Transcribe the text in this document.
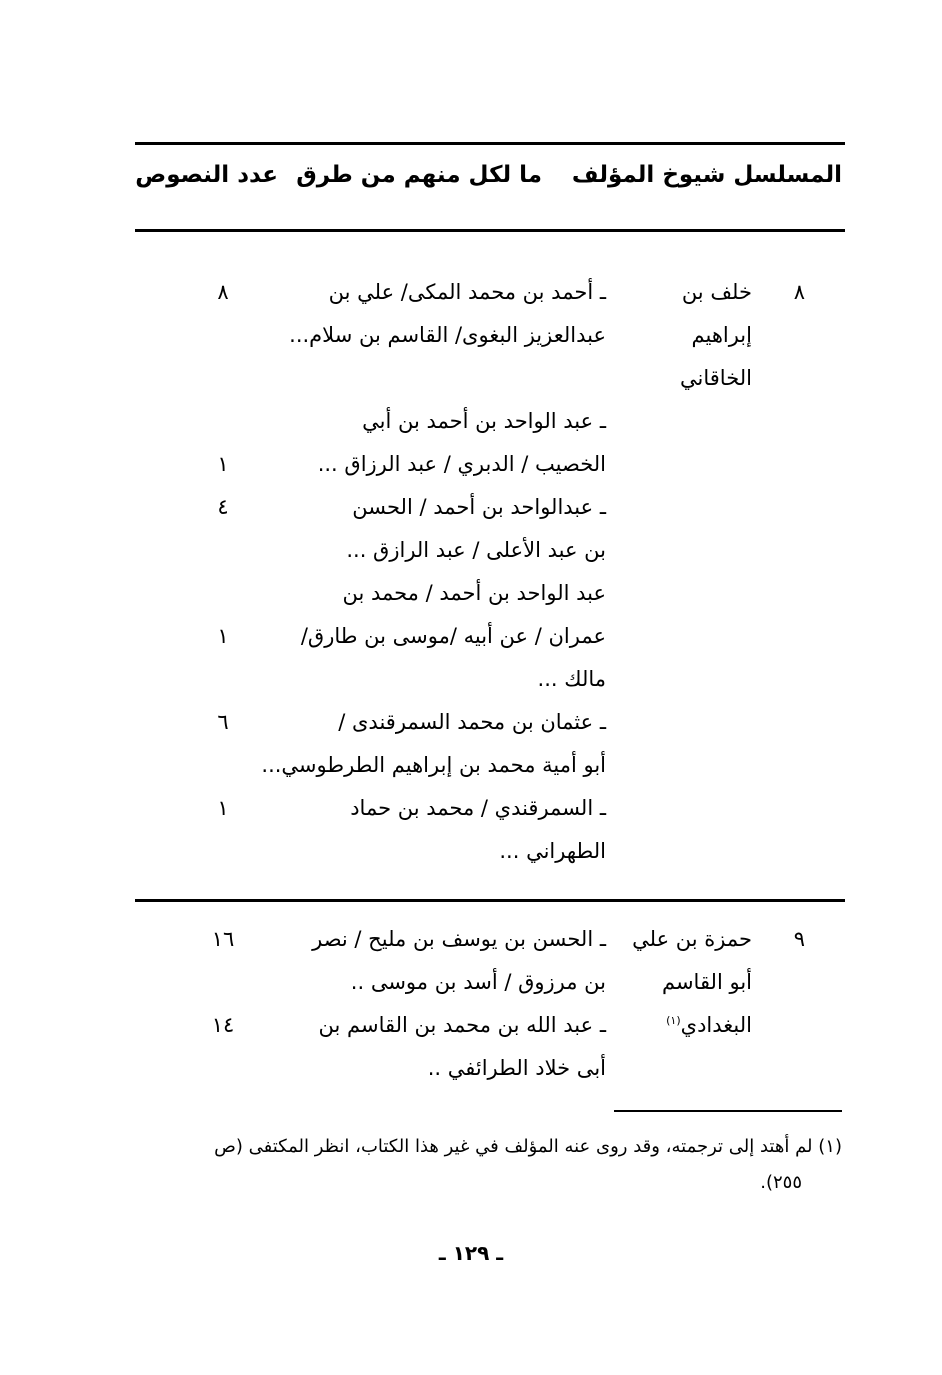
المسلسل شيوخ المؤلف
ما لكل منهم من طرق
عدد النصوص
٨
خلف بن
إبراهيم
الخاقاني
ـ أحمد بن محمد المكى/ علي بن
عبدالعزيز البغوى/ القاسم بن سلام...
ـ عبد الواحد بن أحمد بن أبي
الخصيب / الدبري / عبد الرزاق ...
ـ عبدالواحد بن أحمد / الحسن
بن عبد الأعلى / عبد الرازق ...
عبد الواحد بن أحمد / محمد بن
عمران / عن أبيه /موسى بن طارق/
مالك ...
ـ عثمان بن محمد السمرقندى /
أبو أمية محمد بن إبراهيم الطرطوسي...
ـ السمرقندي / محمد بن حماد
الطهراني ...
٨
١
٤
١
٦
١
٩
حمزة بن علي
أبو القاسم
البغدادي$^{(١)}$
ـ الحسن بن يوسف بن مليح / نصر
بن مرزوق / أسد بن موسى ..
ـ عبد الله بن محمد بن القاسم بن
أبى خلاد الطرائفي ..
١٦
١٤
(١) لم أهتد إلى ترجمته، وقد روى عنه المؤلف في غير هذا الكتاب، انظر المكتفى (ص
٢٥٥).
ـ ١٢٩ ـ
